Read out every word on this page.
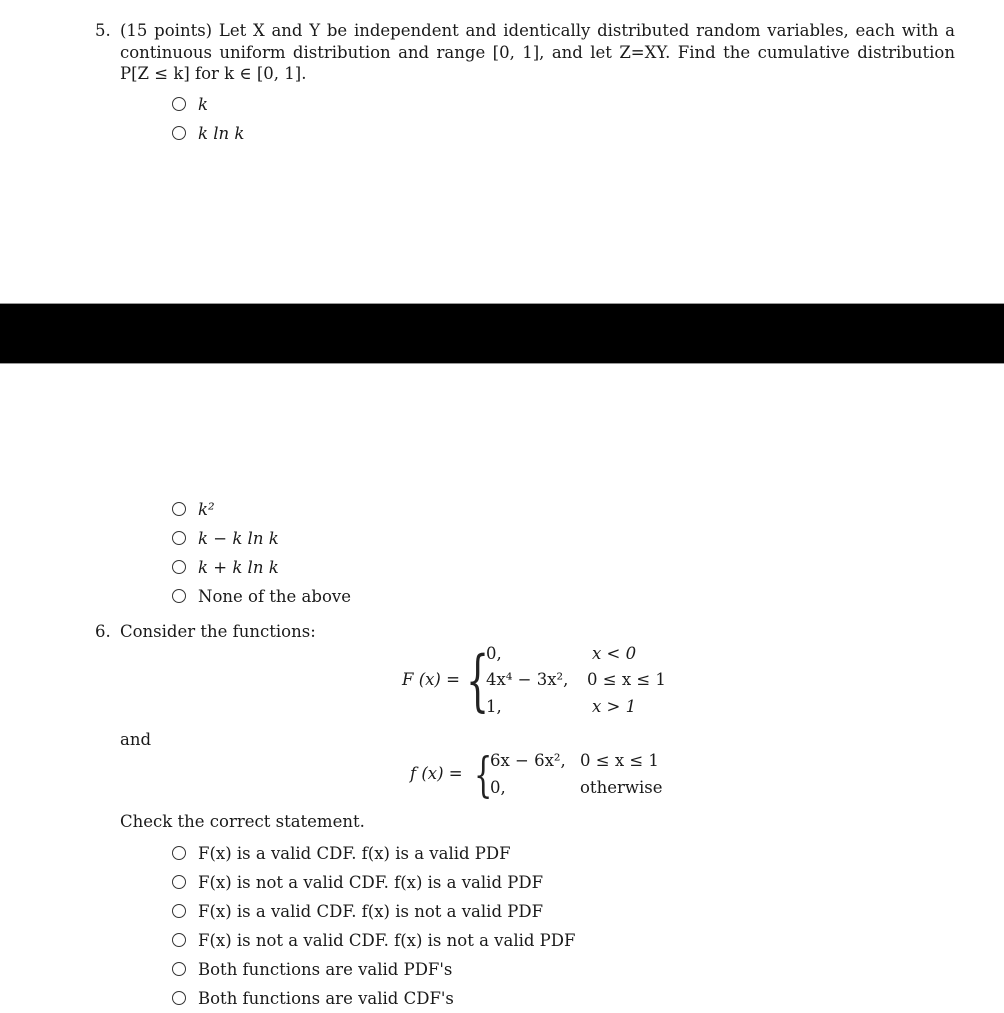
5. (15 points) Let X and Y be independent and identically distributed random variables, each with a
continuous uniform distribution and range [0, 1], and let Z=XY. Find the cumulative distribution
P[Z ≤ k] for k ∈ [0, 1].
k
k ln k
k²
k − k ln k
k + k ln k
None of the above
6. Consider the functions:
F (x) = {
0,	x < 0
4x⁴ − 3x², 0 ≤ x ≤ 1
1,	x > 1
and
f (x) = {
6x − 6x², 0 ≤ x ≤ 1
0,	otherwise
Check the correct statement.
F(x) is a valid CDF. f(x) is a valid PDF
F(x) is not a valid CDF. f(x) is a valid PDF
F(x) is a valid CDF. f(x) is not a valid PDF
F(x) is not a valid CDF. f(x) is not a valid PDF
Both functions are valid PDF's
Both functions are valid CDF's
